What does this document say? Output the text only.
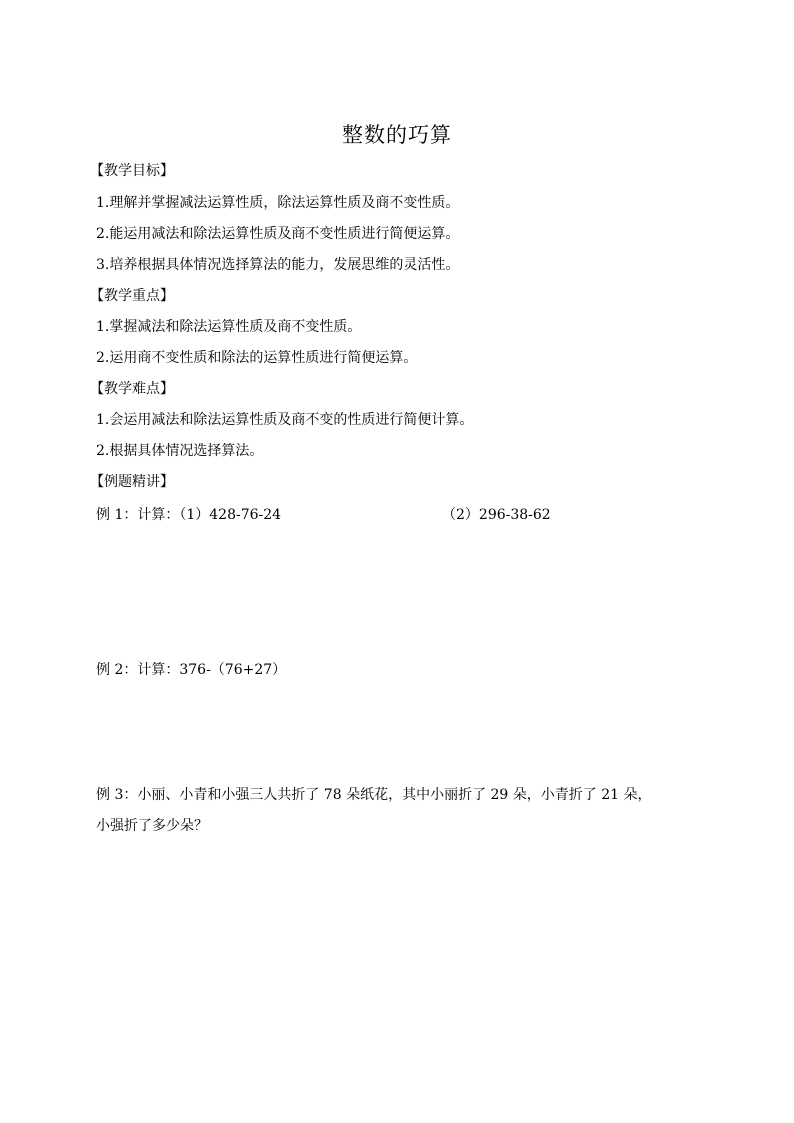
整数的巧算
【教学目标】
1.理解并掌握减法运算性质，除法运算性质及商不变性质。
2.能运用减法和除法运算性质及商不变性质进行简便运算。
3.培养根据具体情况选择算法的能力，发展思维的灵活性。
【教学重点】
1.掌握减法和除法运算性质及商不变性质。
2.运用商不变性质和除法的运算性质进行简便运算。
【教学难点】
1.会运用减法和除法运算性质及商不变的性质进行简便计算。
2.根据具体情况选择算法。
【例题精讲】
例 1：计算：（1）428-76-24	（2）296-38-62
例 2：计算：376-（76+27）
例 3：小丽、小青和小强三人共折了 78 朵纸花，其中小丽折了 29 朵，小青折了 21 朵，
小强折了多少朵？
